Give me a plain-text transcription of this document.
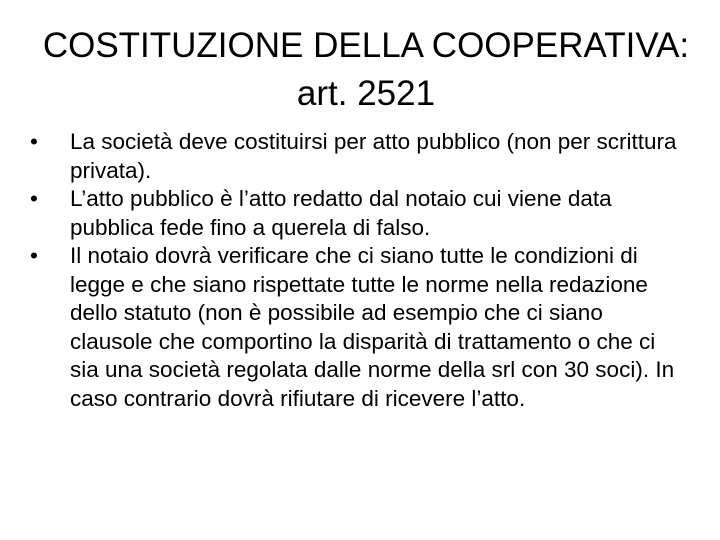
COSTITUZIONE DELLA COOPERATIVA:
art. 2521
•	La società deve costituirsi per atto pubblico (non per scrittura privata).
•	L’atto pubblico è l’atto redatto dal notaio cui viene data pubblica fede fino a querela di falso.
•	Il notaio dovrà verificare che ci siano tutte le condizioni di legge e che siano rispettate tutte le norme nella redazione dello statuto (non è possibile ad esempio che ci siano clausole che comportino la disparità di trattamento o che ci sia una società regolata dalle norme della srl con 30 soci). In caso contrario dovrà rifiutare di ricevere l’atto.
